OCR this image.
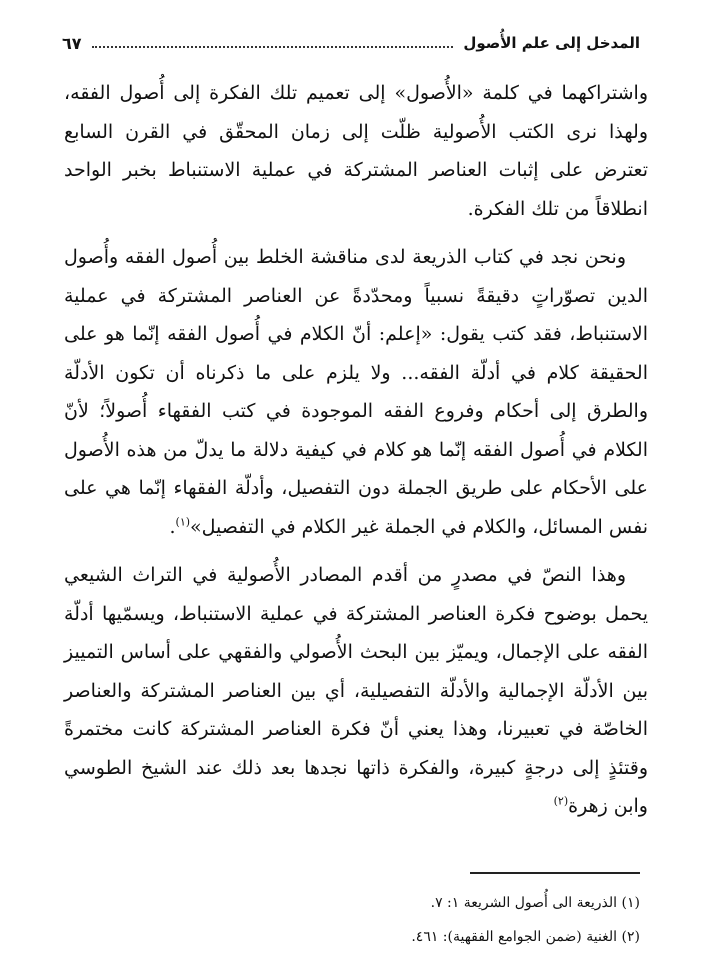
المدخل إلى علم الأُصول
٦٧

واشتراكهما في كلمة «الأُصول» إلى تعميم تلك الفكرة إلى أُصول الفقه، ولهذا نرى الكتب الأُصولية ظلّت إلى زمان المحقّق في القرن السابع تعترض على إثبات العناصر المشتركة في عملية الاستنباط بخبر الواحد انطلاقاً من تلك الفكرة.

ونحن نجد في كتاب الذريعة لدى مناقشة الخلط بين أُصول الفقه وأُصول الدين تصوّراتٍ دقيقةً نسبياً ومحدّدةً عن العناصر المشتركة في عملية الاستنباط، فقد كتب يقول: «إعلم: أنّ الكلام في أُصول الفقه إنّما هو على الحقيقة كلام في أدلّة الفقه... ولا يلزم على ما ذكرناه أن تكون الأدلّة والطرق إلى أحكام وفروع الفقه الموجودة في كتب الفقهاء أُصولاً؛ لأنّ الكلام في أُصول الفقه إنّما هو كلام في كيفية دلالة ما يدلّ من هذه الأُصول على الأحكام على طريق الجملة دون التفصيل، وأدلّة الفقهاء إنّما هي على نفس المسائل، والكلام في الجملة غير الكلام في التفصيل»$^{(١)}$.

وهذا النصّ في مصدرٍ من أقدم المصادر الأُصولية في التراث الشيعي يحمل بوضوح فكرة العناصر المشتركة في عملية الاستنباط، ويسمّيها أدلّة الفقه على الإجمال، ويميّز بين البحث الأُصولي والفقهي على أساس التمييز بين الأدلّة الإجمالية والأدلّة التفصيلية، أي بين العناصر المشتركة والعناصر الخاصّة في تعبيرنا، وهذا يعني أنّ فكرة العناصر المشتركة كانت مختمرةً وقتئذٍ إلى درجةٍ كبيرة، والفكرة ذاتها نجدها بعد ذلك عند الشيخ الطوسي وابن زهرة$^{(٢)}$

(١) الذريعة الى أُصول الشريعة ١: ٧.
(٢) الغنية (ضمن الجوامع الفقهية): ٤٦١.
